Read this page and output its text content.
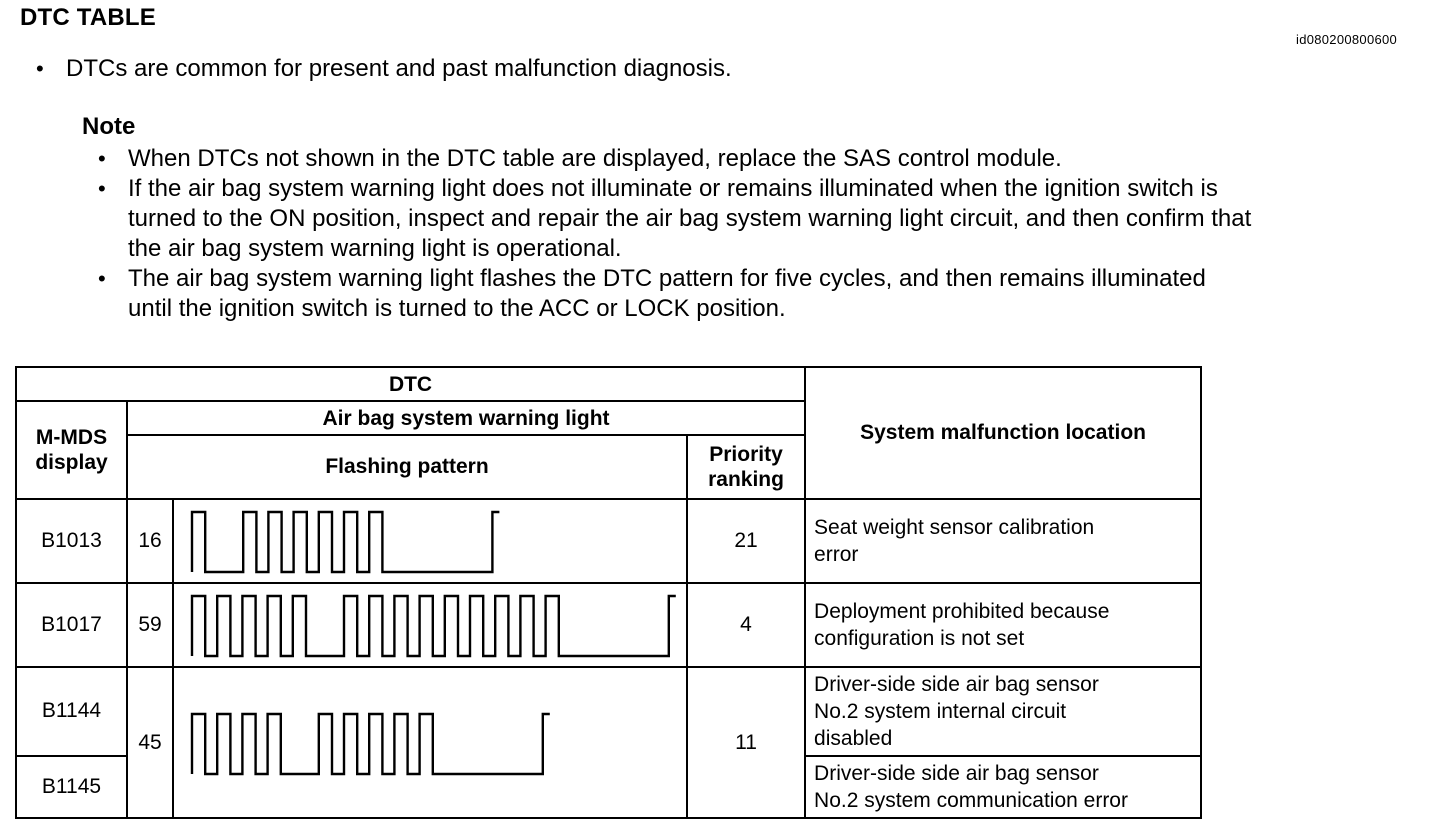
DTC TABLE
id080200800600
• DTCs are common for present and past malfunction diagnosis.
Note
• When DTCs not shown in the DTC table are displayed, replace the SAS control module.
• If the air bag system warning light does not illuminate or remains illuminated when the ignition switch is
turned to the ON position, inspect and repair the air bag system warning light circuit, and then confirm that
the air bag system warning light is operational.
• The air bag system warning light flashes the DTC pattern for five cycles, and then remains illuminated
until the ignition switch is turned to the ACC or LOCK position.
DTC				System malfunction location

M-MDS
display	Air bag system warning light			
	Flashing pattern		Priority
ranking	

B1013	16		21	Seat weight sensor calibration
error

B1017	59		4	Deployment prohibited because
configuration is not set

B1144	45		11	Driver-side side air bag sensor
No.2 system internal circuit
disabled

B1145				Driver-side side air bag sensor
No.2 system communication error
